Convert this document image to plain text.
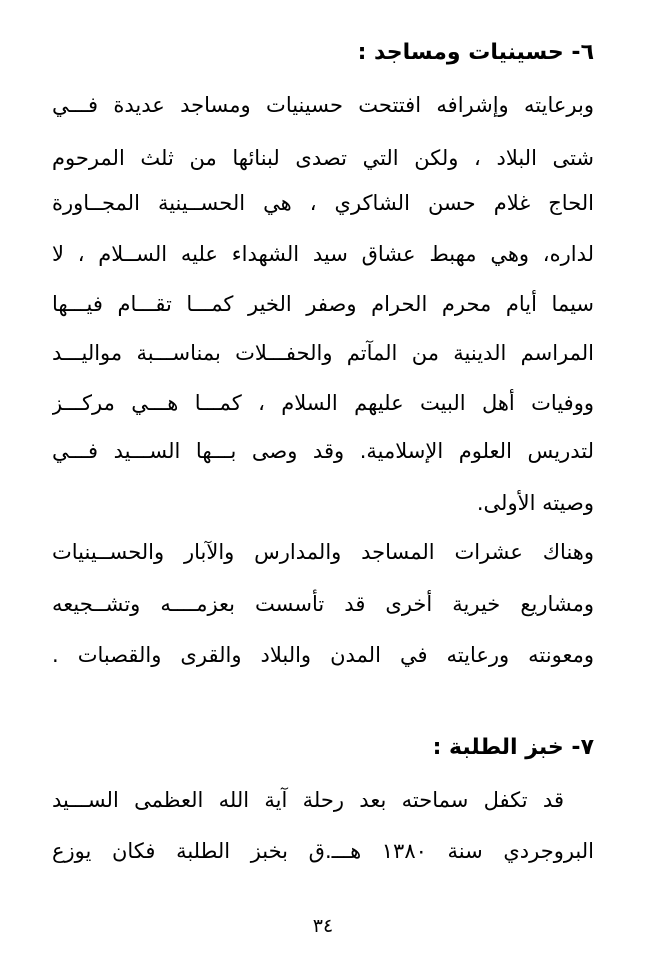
٦- حسينيات ومساجد :
وبرعايته وإشرافه افتتحت حسينيات ومساجد عديدة فـــي
شتى البلاد ، ولكن التي تصدى لبنائها من ثلث المرحوم
الحاج غلام حسن الشاكري ، هي الحســينية المجــاورة
لداره، وهي مهبط عشاق سيد الشهداء عليه الســلام ، لا
سيما أيام محرم الحرام وصفر الخير كمـــا تقـــام فيـــها
المراسم الدينية من المآتم والحفـــلات بمناســـبة مواليـــد
ووفيات أهل البيت عليهم السلام ، كمـــا هـــي مركـــز
لتدريس العلوم الإسلامية. وقد وصى بـــها الســـيد فـــي
وصيته الأولى.
وهناك عشرات المساجد والمدارس والآبار والحســينيات
ومشاريع خيرية أخرى قد تأسست بعزمــــه وتشــجيعه
ومعونته ورعايته في المدن والبلاد والقرى والقصبات .
٧- خبز الطلبة :
قد تكفل سماحته بعد رحلة آية الله العظمى الســـيد
البروجردي سنة ١٣٨٠ هـــ.ق بخبز الطلبة فكان يوزع
٣٤
